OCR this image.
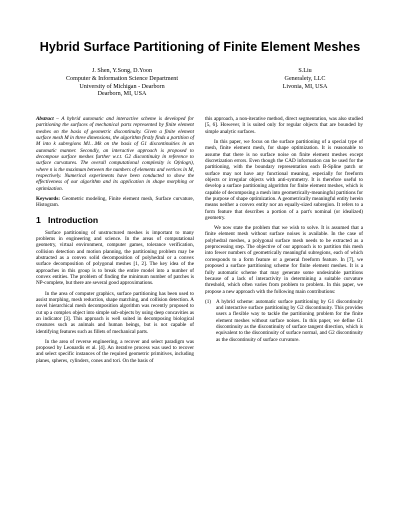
Hybrid Surface Partitioning of Finite Element Meshes
J. Shen, Y.Song, D.Yoon
Computer & Information Science Department
University of Michigan - Dearborn
Dearborn, MI, USA
S.Liu
Generalety, LLC
Livonia, MI, USA

Abstract – A hybrid automatic and interactive scheme is developed for partitioning the surfaces of mechanical parts represented by finite element meshes on the basis of geometric discontinuity. Given a finite element surface mesh M in three dimensions, the algorithm firstly finds a partition of M into k subregions M1…Mk on the basis of G1 discontinuities in an automatic manner. Secondly, an interactive approach is proposed to decompose surface meshes further w.r.t. G2 discontinuity in reference to surface curvatures. The overall computational complexity is O(nlogn), where n is the maximum between the numbers of elements and vertices in M, respectively. Numerical experiments have been conducted to show the effectiveness of our algorithm and its application in shape morphing or optimization.

Keywords: Geometric modeling, Finite element mesh, Surface curvature, Histogram.

1 Introduction

Surface partitioning of unstructured meshes is important to many problems in engineering and science. In the areas of computational geometry, virtual environment, computer games, tolerance verification, collision detection and motion planning, the partitioning problem may be abstracted as a convex solid decomposition of polyhedral or a convex surface decomposition of polygonal meshes [1, 2]. The key idea of the approaches in this group is to break the entire model into a number of convex entities. The problem of finding the minimum number of patches is NP-complete, but there are several good approximations.

In the area of computer graphics, surface partitioning has been used to assist morphing, mesh reduction, shape matching, and collision detection. A novel hierarchical mesh decomposition algorithm was recently proposed to cut up a complex object into simple sub-objects by using deep concavities as an indicator [3]. This approach is well suited in decomposing biological creatures such as animals and human beings, but is not capable of identifying features such as fillets of mechanical parts.

In the area of reverse engineering, a recover and select paradigm was proposed by Leonardis et al. [4]. An iterative process was used to recover and select specific instances of the required geometric primitives, including planes, spheres, cylinders, cones and tori. On the basis of

this approach, a non-iterative method, direct segmentation, was also studied [5, 6]. However, it is suited only for regular objects that are bounded by simple analytic surfaces.

In this paper, we focus on the surface partitioning of a special type of mesh, finite element mesh, for shape optimization. It is reasonable to assume that there is no surface noise on finite element meshes except discretization errors. Even though the CAD information can be used for the partitioning, with the boundary representation each B-Spline patch or surface may not have any functional meaning, especially for freeform objects or irregular objects with anti-symmetry. It is therefore useful to develop a surface partitioning algorithm for finite element meshes, which is capable of decomposing a mesh into geometrically-meaningful partitions for the purpose of shape optimization. A geometrically meaningful entity herein means neither a convex entity nor an equally-sized subregion. It refers to a form feature that describes a portion of a part's nominal (or idealized) geometry.

We now state the problem that we wish to solve. It is assumed that a finite element mesh without surface noises is available. In the case of polyhedral meshes, a polygonal surface mesh needs to be extracted as a preprocessing step. The objective of our approach is to partition this mesh into fewer numbers of geometrically meaningful subregions, each of which corresponds to a form feature or a general freeform feature. In [7], we proposed a surface partitioning scheme for finite element meshes. It is a fully automatic scheme that may generate some undesirable partitions because of a lack of interactivity in determining a suitable curvature threshold, which often varies from problem to problem. In this paper, we propose a new approach with the following main contributions:

(1) A hybrid scheme: automatic surface partitioning by G1 discontinuity and interactive surface partitioning by G2 discontinuity. This provides users a flexible way to tackle the partitioning problem for the finite element meshes without surface noises. In this paper, we define G1 discontinuity as the discontinuity of surface tangent direction, which is equivalent to the discontinuity of surface normal, and G2 discontinuity as the discontinuity of surface curvature.
